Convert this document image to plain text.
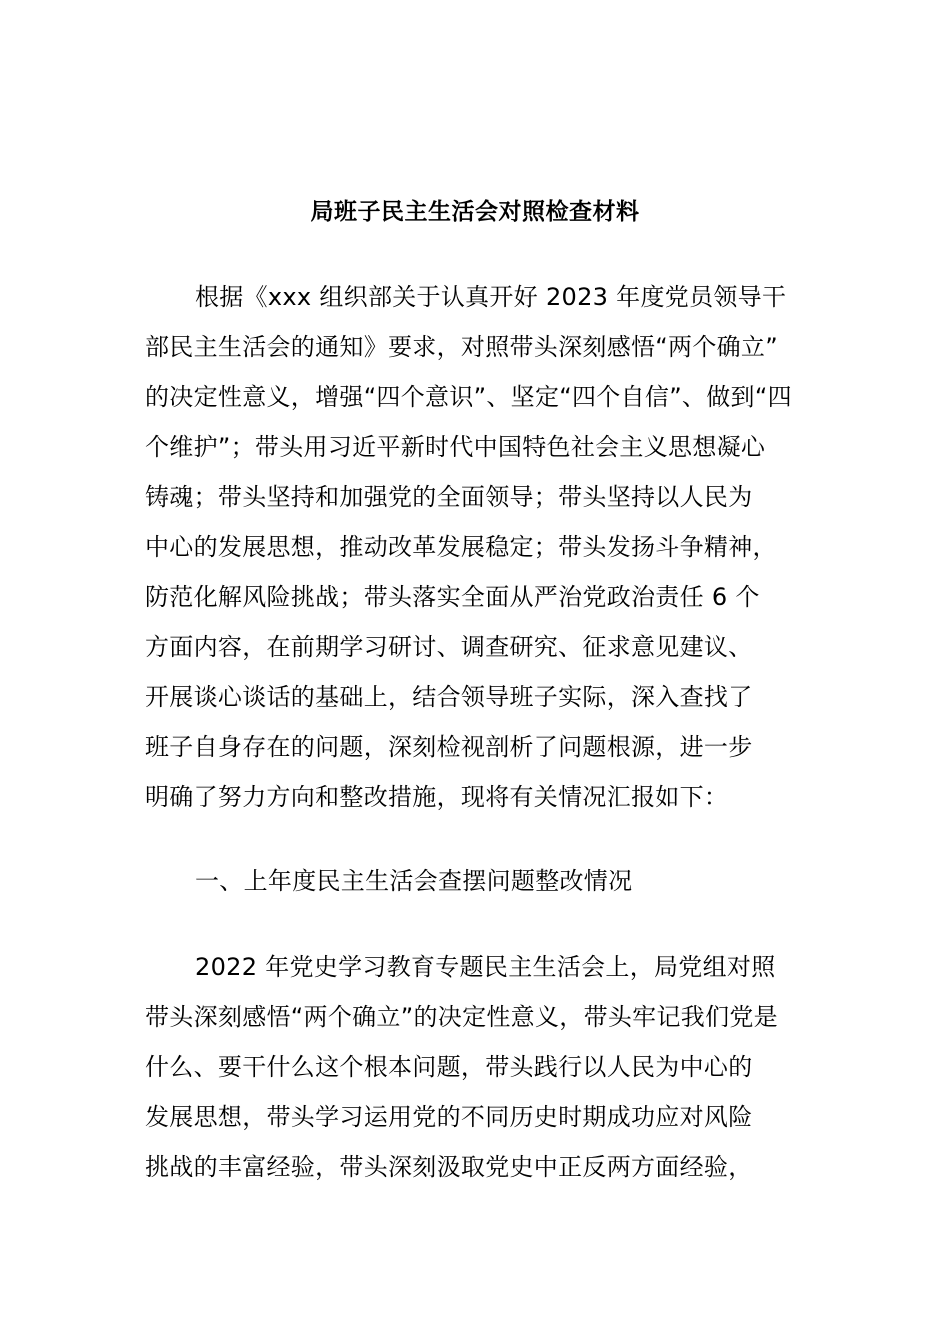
局班子民主生活会对照检查材料
根据《xxx 组织部关于认真开好 2023 年度党员领导干
部民主生活会的通知》要求，对照带头深刻感悟“两个确立”
的决定性意义，增强“四个意识”、坚定“四个自信”、做到“四
个维护”；带头用习近平新时代中国特色社会主义思想凝心
铸魂；带头坚持和加强党的全面领导；带头坚持以人民为
中心的发展思想，推动改革发展稳定；带头发扬斗争精神，
防范化解风险挑战；带头落实全面从严治党政治责任 6 个
方面内容，在前期学习研讨、调查研究、征求意见建议、
开展谈心谈话的基础上，结合领导班子实际，深入查找了
班子自身存在的问题，深刻检视剖析了问题根源，进一步
明确了努力方向和整改措施，现将有关情况汇报如下：
一、上年度民主生活会查摆问题整改情况
2022 年党史学习教育专题民主生活会上，局党组对照
带头深刻感悟“两个确立”的决定性意义，带头牢记我们党是
什么、要干什么这个根本问题，带头践行以人民为中心的
发展思想，带头学习运用党的不同历史时期成功应对风险
挑战的丰富经验，带头深刻汲取党史中正反两方面经验，
